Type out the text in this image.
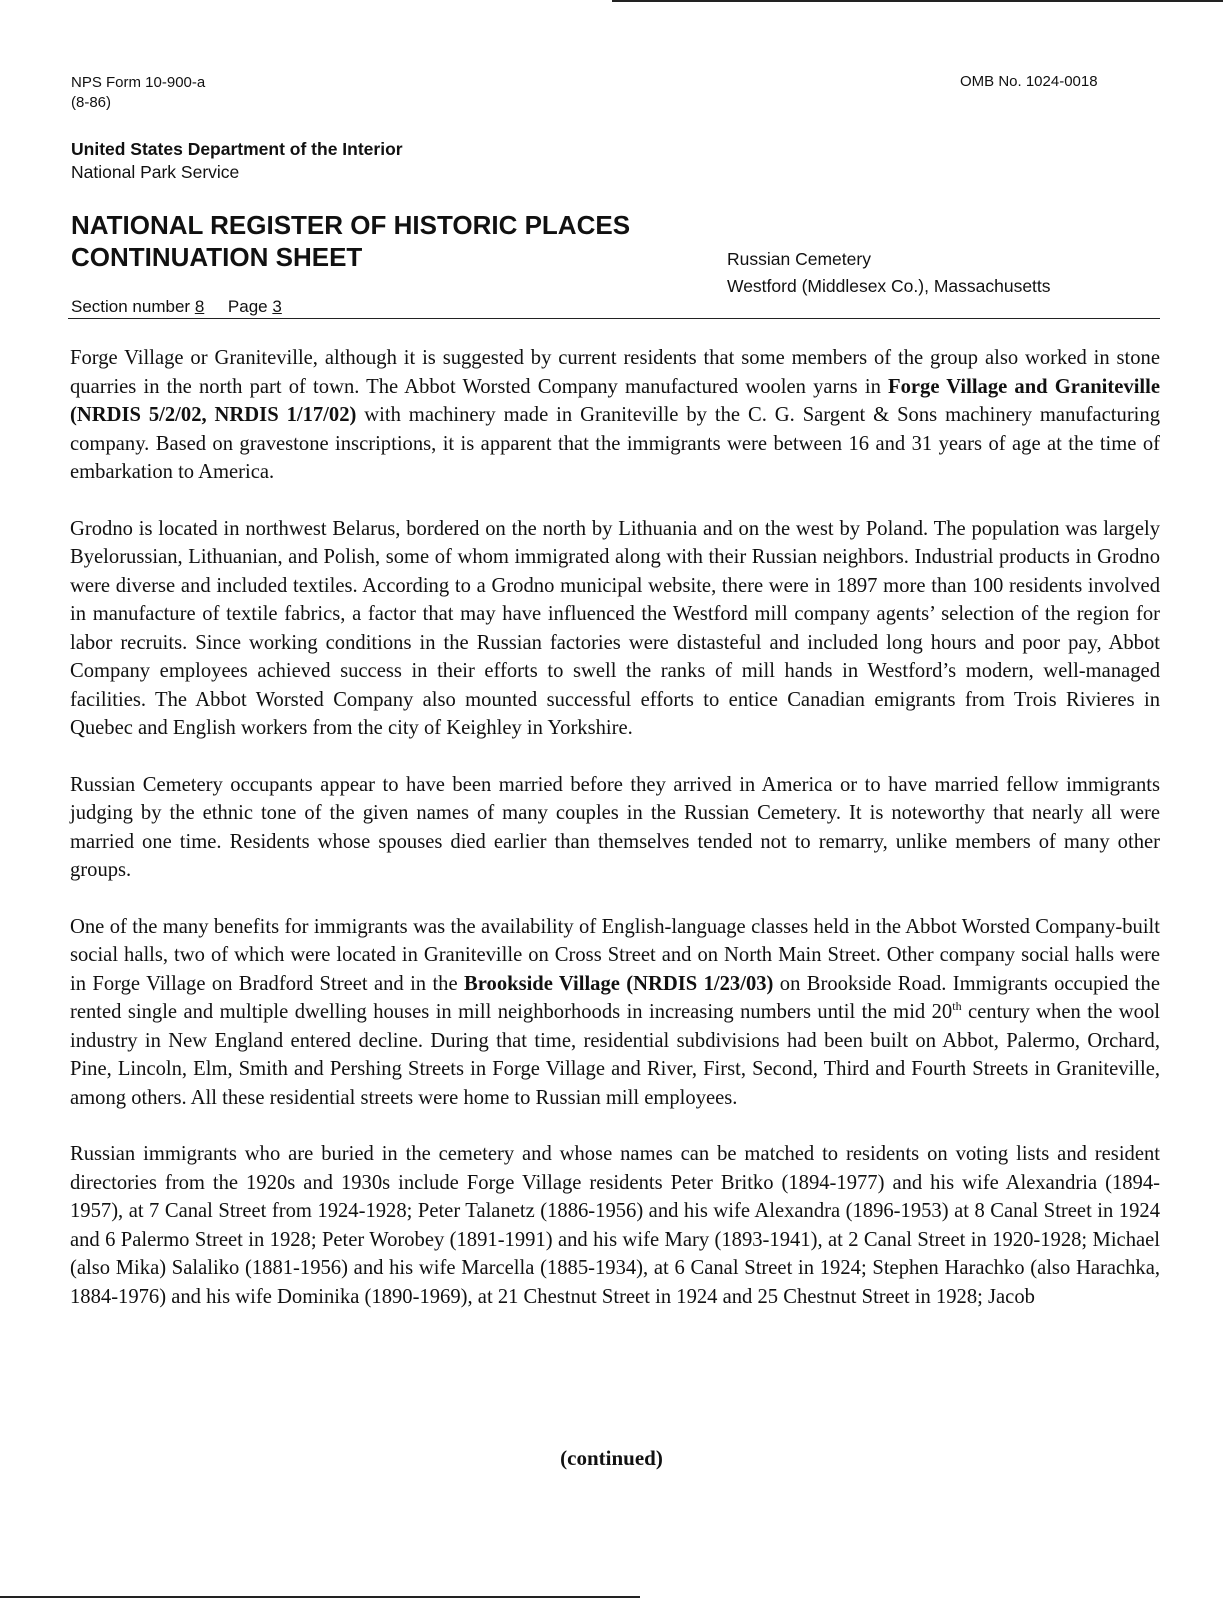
NPS Form 10-900-a
(8-86)
OMB No. 1024-0018
United States Department of the Interior
National Park Service
NATIONAL REGISTER OF HISTORIC PLACES
CONTINUATION SHEET	Russian Cemetery
Westford (Middlesex Co.), Massachusetts
Section number 8 Page 3

Forge Village or Graniteville, although it is suggested by current residents that some members of the group also worked in stone quarries in the north part of town. The Abbot Worsted Company manufactured woolen yarns in Forge Village and Graniteville (NRDIS 5/2/02, NRDIS 1/17/02) with machinery made in Graniteville by the C. G. Sargent & Sons machinery manufacturing company. Based on gravestone inscriptions, it is apparent that the immigrants were between 16 and 31 years of age at the time of embarkation to America.

Grodno is located in northwest Belarus, bordered on the north by Lithuania and on the west by Poland. The population was largely Byelorussian, Lithuanian, and Polish, some of whom immigrated along with their Russian neighbors. Industrial products in Grodno were diverse and included textiles. According to a Grodno municipal website, there were in 1897 more than 100 residents involved in manufacture of textile fabrics, a factor that may have influenced the Westford mill company agents’ selection of the region for labor recruits. Since working conditions in the Russian factories were distasteful and included long hours and poor pay, Abbot Company employees achieved success in their efforts to swell the ranks of mill hands in Westford’s modern, well-managed facilities. The Abbot Worsted Company also mounted successful efforts to entice Canadian emigrants from Trois Rivieres in Quebec and English workers from the city of Keighley in Yorkshire.

Russian Cemetery occupants appear to have been married before they arrived in America or to have married fellow immigrants judging by the ethnic tone of the given names of many couples in the Russian Cemetery. It is noteworthy that nearly all were married one time. Residents whose spouses died earlier than themselves tended not to remarry, unlike members of many other groups.

One of the many benefits for immigrants was the availability of English-language classes held in the Abbot Worsted Company-built social halls, two of which were located in Graniteville on Cross Street and on North Main Street. Other company social halls were in Forge Village on Bradford Street and in the Brookside Village (NRDIS 1/23/03) on Brookside Road. Immigrants occupied the rented single and multiple dwelling houses in mill neighborhoods in increasing numbers until the mid 20th century when the wool industry in New England entered decline. During that time, residential subdivisions had been built on Abbot, Palermo, Orchard, Pine, Lincoln, Elm, Smith and Pershing Streets in Forge Village and River, First, Second, Third and Fourth Streets in Graniteville, among others. All these residential streets were home to Russian mill employees.

Russian immigrants who are buried in the cemetery and whose names can be matched to residents on voting lists and resident directories from the 1920s and 1930s include Forge Village residents Peter Britko (1894-1977) and his wife Alexandria (1894-1957), at 7 Canal Street from 1924-1928; Peter Talanetz (1886-1956) and his wife Alexandra (1896-1953) at 8 Canal Street in 1924 and 6 Palermo Street in 1928; Peter Worobey (1891-1991) and his wife Mary (1893-1941), at 2 Canal Street in 1920-1928; Michael (also Mika) Salaliko (1881-1956) and his wife Marcella (1885-1934), at 6 Canal Street in 1924; Stephen Harachko (also Harachka, 1884-1976) and his wife Dominika (1890-1969), at 21 Chestnut Street in 1924 and 25 Chestnut Street in 1928; Jacob

(continued)
